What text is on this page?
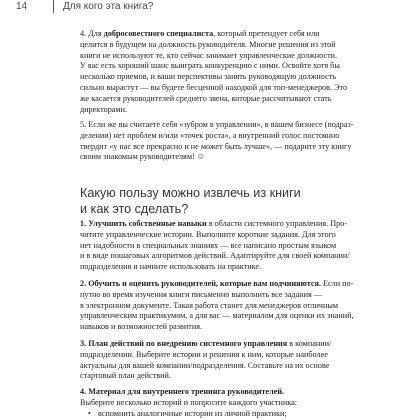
14	Для кого эта книга?
4. Для добросовестного специалиста, который претендует себя или
целится в будущем на должность руководителя. Многие решения из этой
книги не используют те, кто сейчас занимает управленческие должности.
У вас есть хороший шанс выиграть конкуренцию с ними. Освойте хотя бы
несколько приемов, и ваши перспективы занять руководящую должность
сильно вырастут — вы будете бесценной находкой для топ-менеджеров. Это
же касается руководителей среднего звена, которые рассчитывают стать
директорами.
5. Если же вы считаете себя «зубром в управлении», в вашем бизнесе (подраз-
делении) нет проблем и/или «точек роста», а внутренний голос постоянно
твердит «у нас все прекрасно и не может быть лучше», — подарите эту книгу
своим знакомым руководителям! ☺
Какую пользу можно извлечь из книги
и как это сделать?
1. Улучшить собственные навыки в области системного управления. Про-
читите управленческие истории. Выполните короткие задания. Для этого
нет надобности в специальных знаниях — все написано простым языком
и в виде пошаговых алгоритмов действий. Адаптируйте для своей компании/
подразделения и начните использовать на практике.
2. Обучить и оценить руководителей, которые вам подчиняются. Если по-
путно во время изучения книги письменно выполнить все задания —
в электронном документе. Такая работа станет для менеджеров отличным
управленческим практикумом, а для вас — материалом для оценки их знаний,
навыков и возможностей развития.
3. План действий по внедрению системного управления в компании/
подразделении. Выберите истории и решения к ним, которые наиболее
актуальны для вашей компании/подразделения. Составьте на их основе
стартовый план действий.
4. Материал для внутреннего тренинга руководителей.
Выберите несколько историй и попросите каждого участника:
• вспомнить аналогичные истории из личной практики;
